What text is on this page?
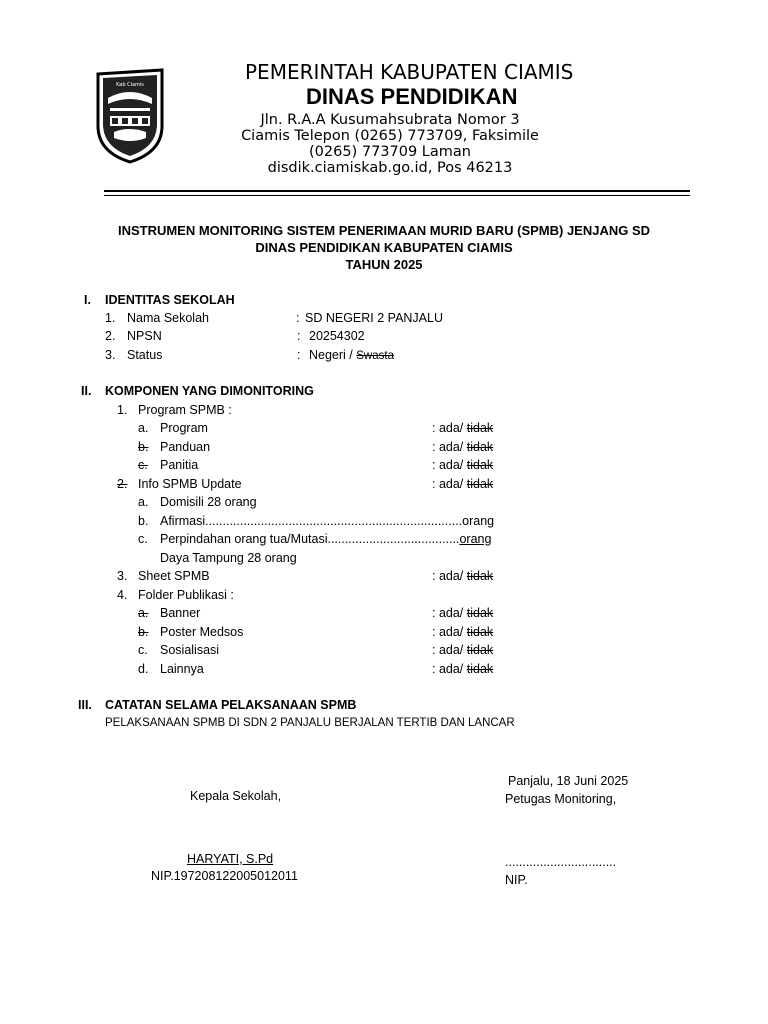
Kab Ciamis
PEMERINTAH KABUPATEN CIAMIS
DINAS PENDIDIKAN
Jln. R.A.A Kusumahsubrata Nomor 3 Ciamis Telepon (0265) 773709, Faksimile (0265) 773709 Laman disdik.ciamiskab.go.id, Pos 46213
INSTRUMEN MONITORING SISTEM PENERIMAAN MURID BARU (SPMB) JENJANG SD
DINAS PENDIDIKAN KABUPATEN CIAMIS
TAHUN 2025
I. IDENTITAS SEKOLAH
1. Nama Sekolah	: SD NEGERI 2 PANJALU
2. NPSN	: 20254302
3. Status	: Negeri / Swasta
II. KOMPONEN YANG DIMONITORING
1. Program SPMB :
a. Program	: ada/ tidak
b. Panduan	: ada/ tidak
c. Panitia	: ada/ tidak
2. Info SPMB Update	: ada/ tidak
a. Domisili 28 orang
b. Afirmasi..........................................................................orang
c. Perpindahan orang tua/Mutasi......................................orang
Daya Tampung 28 orang
3. Sheet SPMB	: ada/ tidak
4. Folder Publikasi :
a. Banner	: ada/ tidak
b. Poster Medsos	: ada/ tidak
c. Sosialisasi	: ada/ tidak
d. Lainnya	: ada/ tidak
III. CATATAN SELAMA PELAKSANAAN SPMB
PELAKSANAAN SPMB DI SDN 2 PANJALU BERJALAN TERTIB DAN LANCAR
Panjalu, 18 Juni 2025
Kepala Sekolah,	Petugas Monitoring,
HARYATI, S.Pd	................................
NIP.197208122005012011	NIP.
